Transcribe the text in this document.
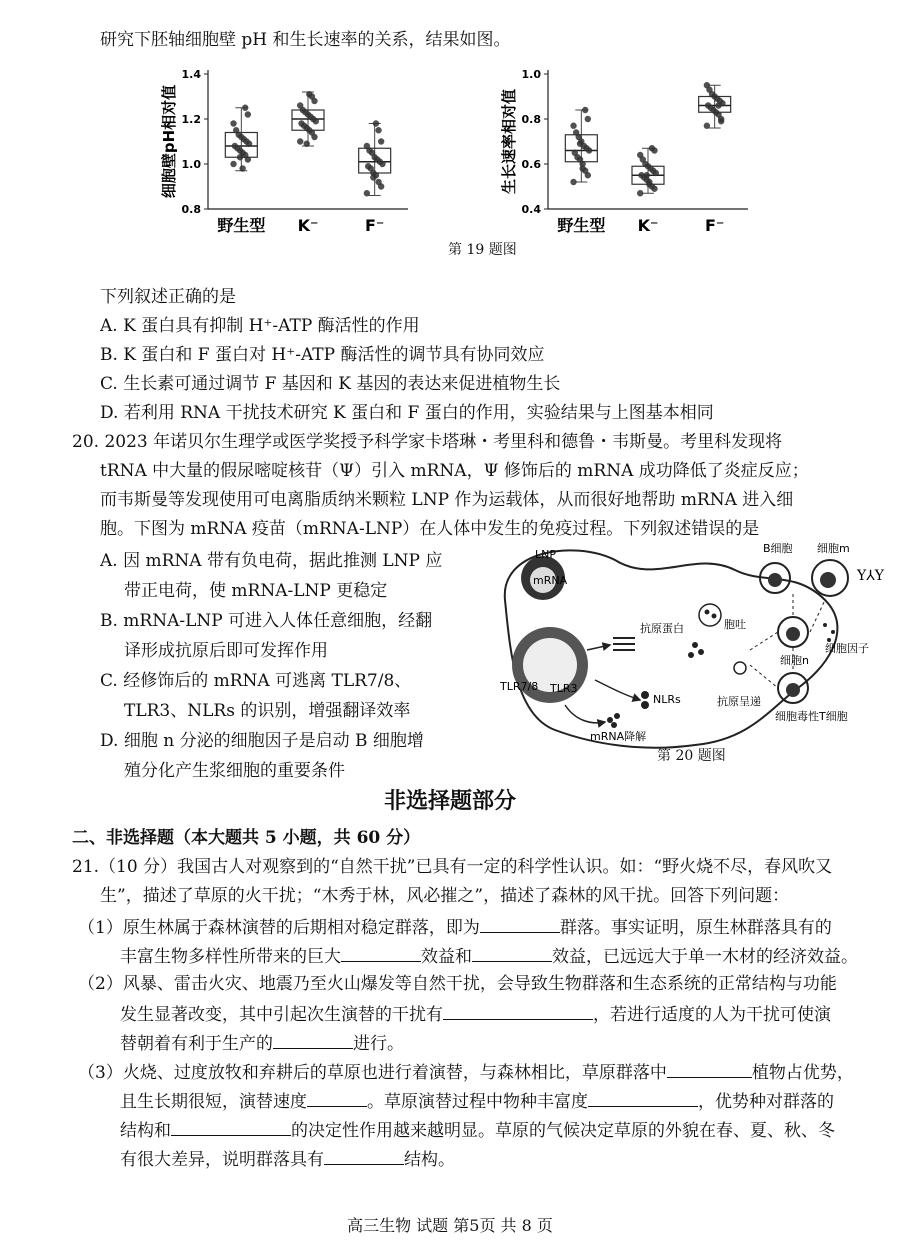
研究下胚轴细胞壁 pH 和生长速率的关系，结果如图。
细胞壁pH相对值
0.8
1.0
1.2
1.4
野生型 K⁻	F⁻
生长速率相对值
0.4
0.6
0.8
1.0
野生型 K⁻	F⁻
第 19 题图
下列叙述正确的是
A. K 蛋白具有抑制 H⁺-ATP 酶活性的作用
B. K 蛋白和 F 蛋白对 H⁺-ATP 酶活性的调节具有协同效应
C. 生长素可通过调节 F 基因和 K 基因的表达来促进植物生长
D. 若利用 RNA 干扰技术研究 K 蛋白和 F 蛋白的作用，实验结果与上图基本相同
20. 2023 年诺贝尔生理学或医学奖授予科学家卡塔琳・考里科和德鲁・韦斯曼。考里科发现将
tRNA 中大量的假尿嘧啶核苷（Ψ）引入 mRNA，Ψ 修饰后的 mRNA 成功降低了炎症反应；
而韦斯曼等发现使用可电离脂质纳米颗粒 LNP 作为运载体，从而很好地帮助 mRNA 进入细
胞。下图为 mRNA 疫苗（mRNA-LNP）在人体中发生的免疫过程。下列叙述错误的是
A. 因 mRNA 带有负电荷，据此推测 LNP 应
带正电荷，使 mRNA-LNP 更稳定
B. mRNA-LNP 可进入人体任意细胞，经翻
译形成抗原后即可发挥作用
C. 经修饰后的 mRNA 可逃离 TLR7/8、
TLR3、NLRs 的识别，增强翻译效率
D. 细胞 n 分泌的细胞因子是启动 B 细胞增
殖分化产生浆细胞的重要条件
LNP
mRNA
TLR7/8 TLR3
NLRs
mRNA降解
抗原蛋白	胞吐
抗原呈递
B细胞 细胞m
Y⅄Y
细胞n
细胞因子
细胞毒性T细胞
第 20 题图
非选择题部分
二、非选择题（本大题共 5 小题，共 60 分）
21.（10 分）我国古人对观察到的“自然干扰”已具有一定的科学性认识。如：“野火烧不尽，春风吹又
生”，描述了草原的火干扰；“木秀于林，风必摧之”，描述了森林的风干扰。回答下列问题：
（1）原生林属于森林演替的后期相对稳定群落，即为	群落。事实证明，原生林群落具有的
丰富生物多样性所带来的巨大	效益和	效益，已远远大于单一木材的经济效益。
（2）风暴、雷击火灾、地震乃至火山爆发等自然干扰，会导致生物群落和生态系统的正常结构与功能
发生显著改变，其中引起次生演替的干扰有	，若进行适度的人为干扰可使演
替朝着有利于生产的	进行。
（3）火烧、过度放牧和弃耕后的草原也进行着演替，与森林相比，草原群落中	植物占优势，
且生长期很短，演替速度	。草原演替过程中物种丰富度	，优势种对群落的
结构和	的决定性作用越来越明显。草原的气候决定草原的外貌在春、夏、秋、冬
有很大差异，说明群落具有	结构。
高三生物 试题 第5页 共 8 页
